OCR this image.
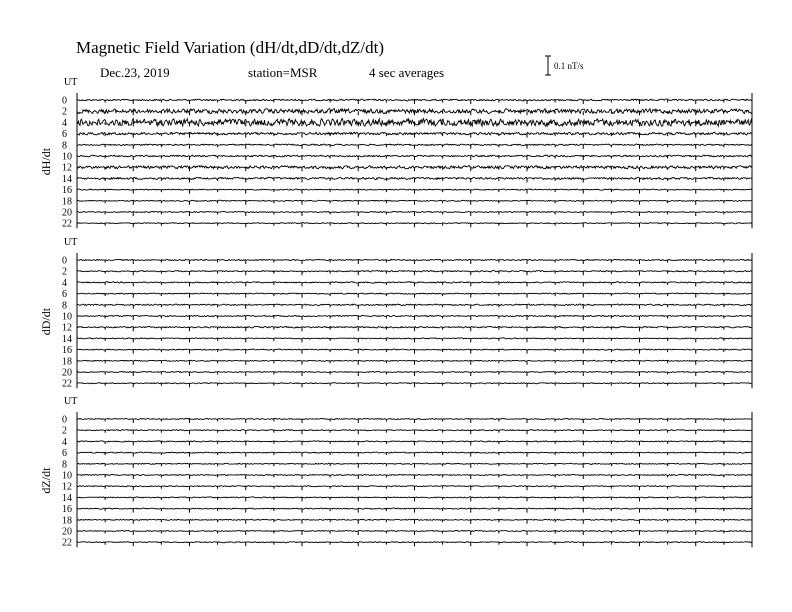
Magnetic Field Variation (dH/dt,dD/dt,dZ/dt)
Dec.23, 2019	station=MSR	4 sec averages	0.1 nT/s
UT
dH/dt
0
2
4
6
8
10
12
14
16
18
20
22
UT
dD/dt
0
2
4
6
8
10
12
14
16
18
20
22
UT
dZ/dt
0
2
4
6
8
10
12
14
16
18
20
22
